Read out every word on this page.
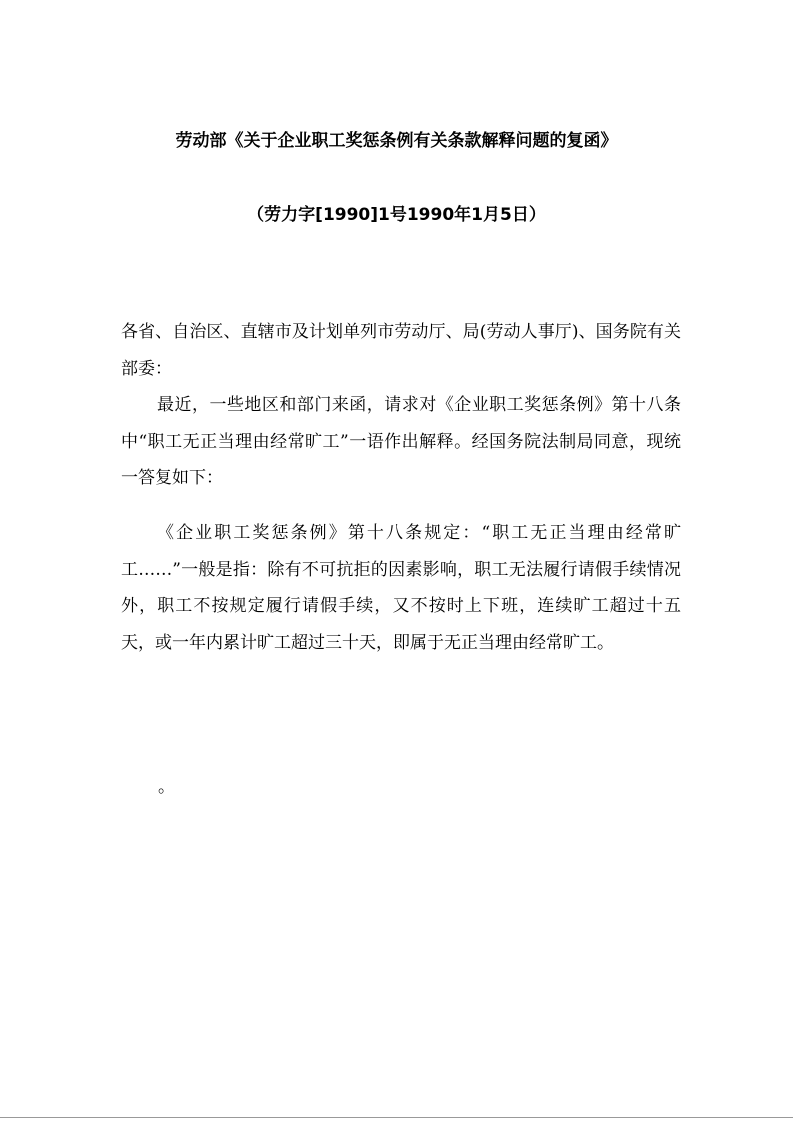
劳动部《关于企业职工奖惩条例有关条款解释问题的复函》
（劳力字[1990]1号1990年1月5日）
各省、自治区、直辖市及计划单列市劳动厅、局(劳动人事厅)、国务院有关部委：
最近，一些地区和部门来函，请求对《企业职工奖惩条例》第十八条中“职工无正当理由经常旷工”一语作出解释。经国务院法制局同意，现统一答复如下：
《企业职工奖惩条例》第十八条规定：“职工无正当理由经常旷工……”一般是指：除有不可抗拒的因素影响，职工无法履行请假手续情况外，职工不按规定履行请假手续，又不按时上下班，连续旷工超过十五天，或一年内累计旷工超过三十天，即属于无正当理由经常旷工。
。
